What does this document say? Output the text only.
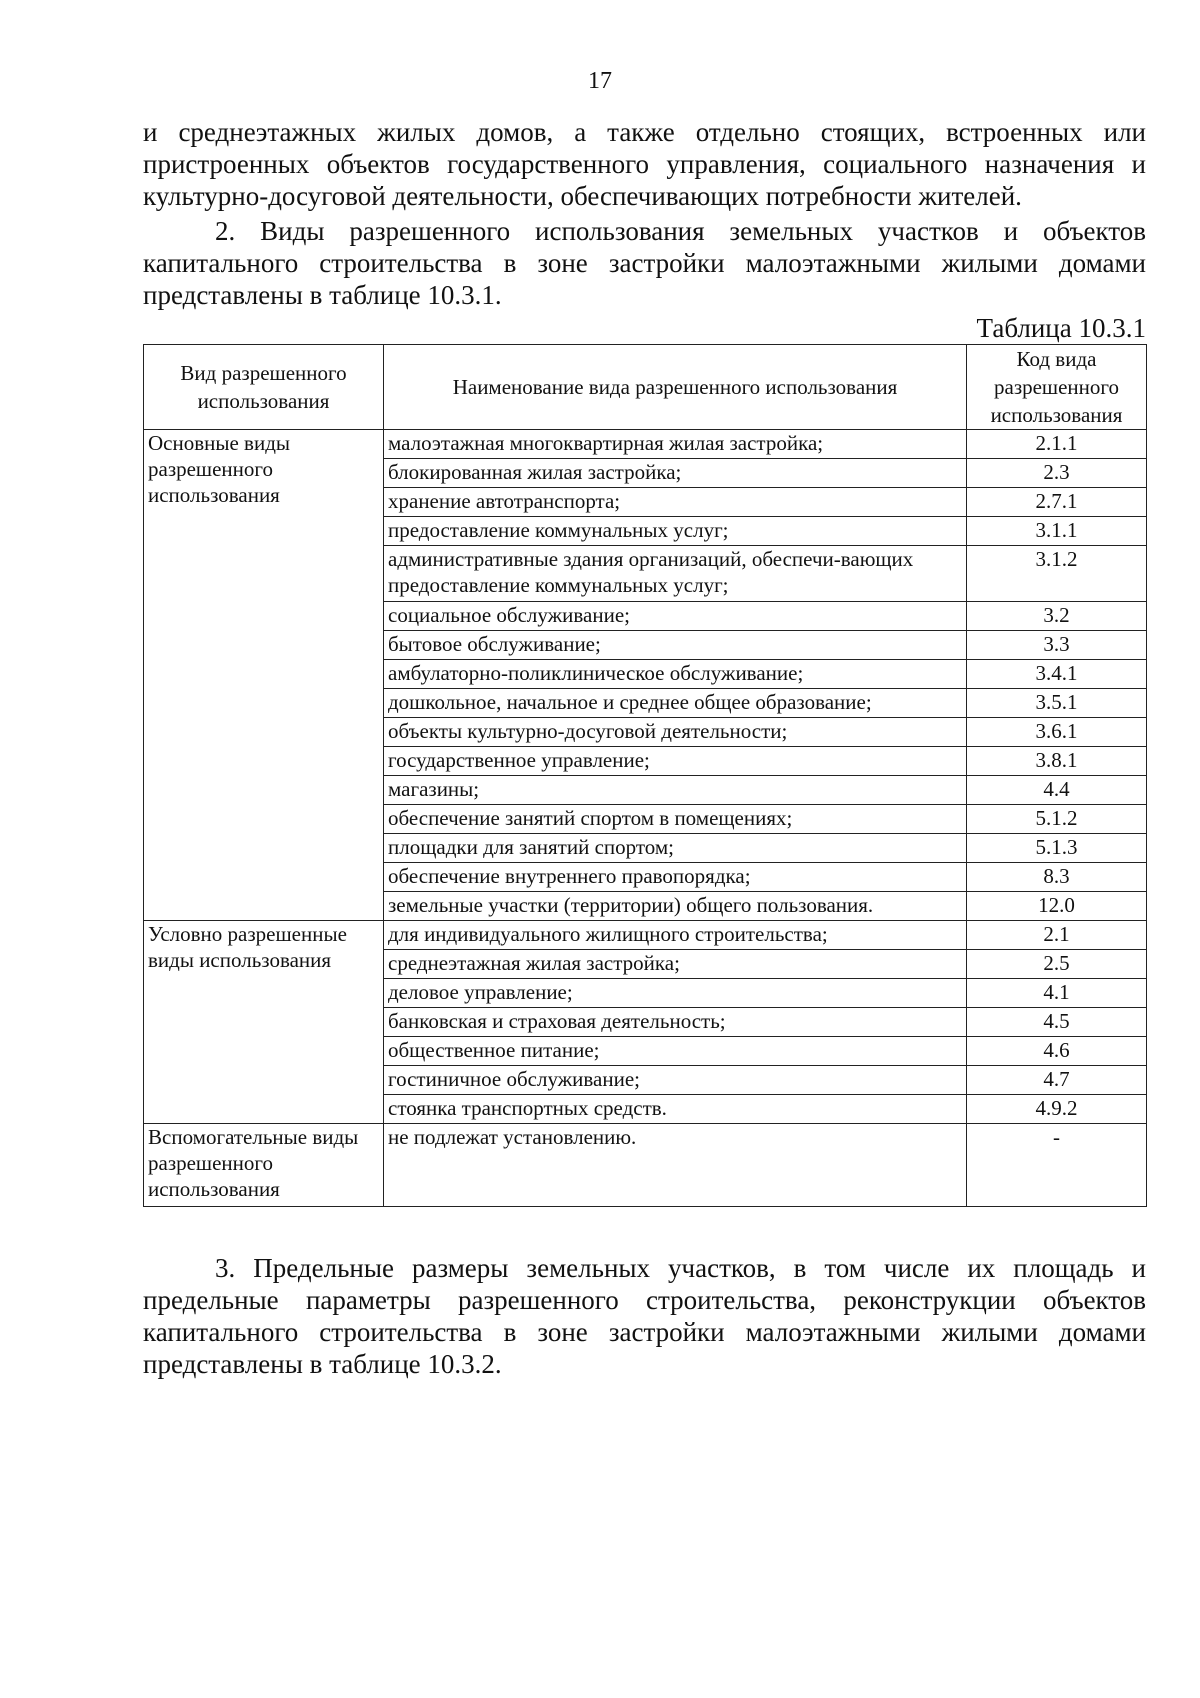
17

и среднеэтажных жилых домов, а также отдельно стоящих, встроенных или
пристроенных объектов государственного управления, социального назначения и
культурно-досуговой деятельности, обеспечивающих потребности жителей.

2. Виды разрешенного использования земельных участков и объектов
капитального строительства в зоне застройки малоэтажными жилыми домами
представлены в таблице 10.3.1.

Таблица 10.3.1
Вид разрешенного использования	Наименование вида разрешенного использования	Код вида разрешенного использования
Основные виды разрешенного использования	малоэтажная многоквартирная жилая застройка;	2.1.1
	блокированная жилая застройка;	2.3
	хранение автотранспорта;	2.7.1
	предоставление коммунальных услуг;	3.1.1
	административные здания организаций, обеспечи-вающих предоставление коммунальных услуг;	3.1.2
	социальное обслуживание;	3.2
	бытовое обслуживание;	3.3
	амбулаторно-поликлиническое обслуживание;	3.4.1
	дошкольное, начальное и среднее общее образование;	3.5.1
	объекты культурно-досуговой деятельности;	3.6.1
	государственное управление;	3.8.1
	магазины;	4.4
	обеспечение занятий спортом в помещениях;	5.1.2
	площадки для занятий спортом;	5.1.3
	обеспечение внутреннего правопорядка;	8.3
	земельные участки (территории) общего пользования.	12.0
Условно разрешенные виды использования	для индивидуального жилищного строительства;	2.1
	среднеэтажная жилая застройка;	2.5
	деловое управление;	4.1
	банковская и страховая деятельность;	4.5
	общественное питание;	4.6
	гостиничное обслуживание;	4.7
	стоянка транспортных средств.	4.9.2
Вспомогательные виды разрешенного использования	не подлежат установлению.	-

3. Предельные размеры земельных участков, в том числе их площадь и
предельные параметры разрешенного строительства, реконструкции объектов
капитального строительства в зоне застройки малоэтажными жилыми домами
представлены в таблице 10.3.2.
